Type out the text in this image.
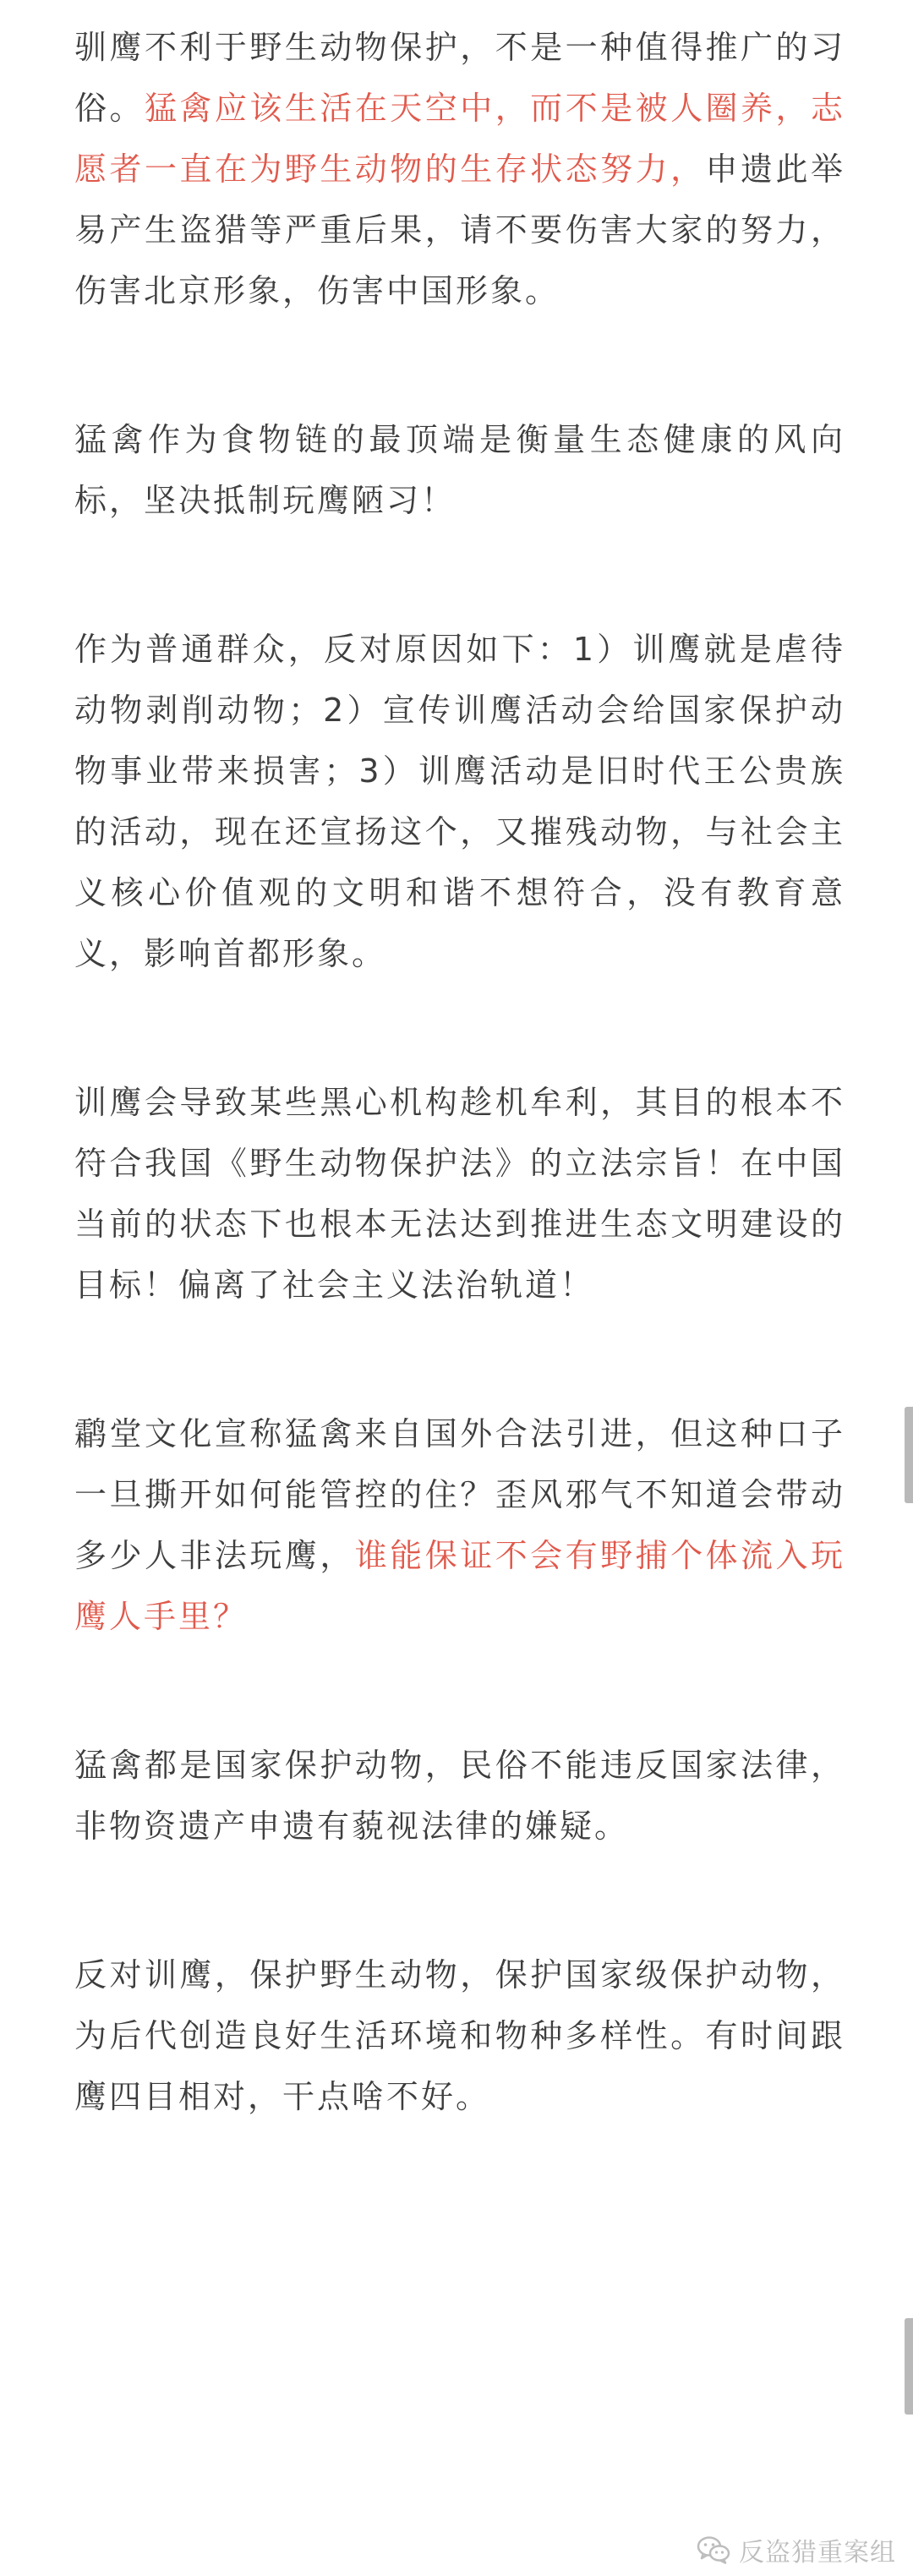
驯鹰不利于野生动物保护，不是一种值得推广的习俗。猛禽应该生活在天空中，而不是被人圈养，志愿者一直在为野生动物的生存状态努力，申遗此举易产生盗猎等严重后果，请不要伤害大家的努力，伤害北京形象，伤害中国形象。

猛禽作为食物链的最顶端是衡量生态健康的风向标，坚决抵制玩鹰陋习！

作为普通群众，反对原因如下：1）训鹰就是虐待动物剥削动物；2）宣传训鹰活动会给国家保护动物事业带来损害；3）训鹰活动是旧时代王公贵族的活动，现在还宣扬这个，又摧残动物，与社会主义核心价值观的文明和谐不想符合，没有教育意义，影响首都形象。

训鹰会导致某些黑心机构趁机牟利，其目的根本不符合我国《野生动物保护法》的立法宗旨！在中国当前的状态下也根本无法达到推进生态文明建设的目标！偏离了社会主义法治轨道！

鹴堂文化宣称猛禽来自国外合法引进，但这种口子一旦撕开如何能管控的住？歪风邪气不知道会带动多少人非法玩鹰，谁能保证不会有野捕个体流入玩鹰人手里？

猛禽都是国家保护动物，民俗不能违反国家法律，非物资遗产申遗有藐视法律的嫌疑。

反对训鹰，保护野生动物，保护国家级保护动物，为后代创造良好生活环境和物种多样性。有时间跟鹰四目相对，干点啥不好。

反盗猎重案组
